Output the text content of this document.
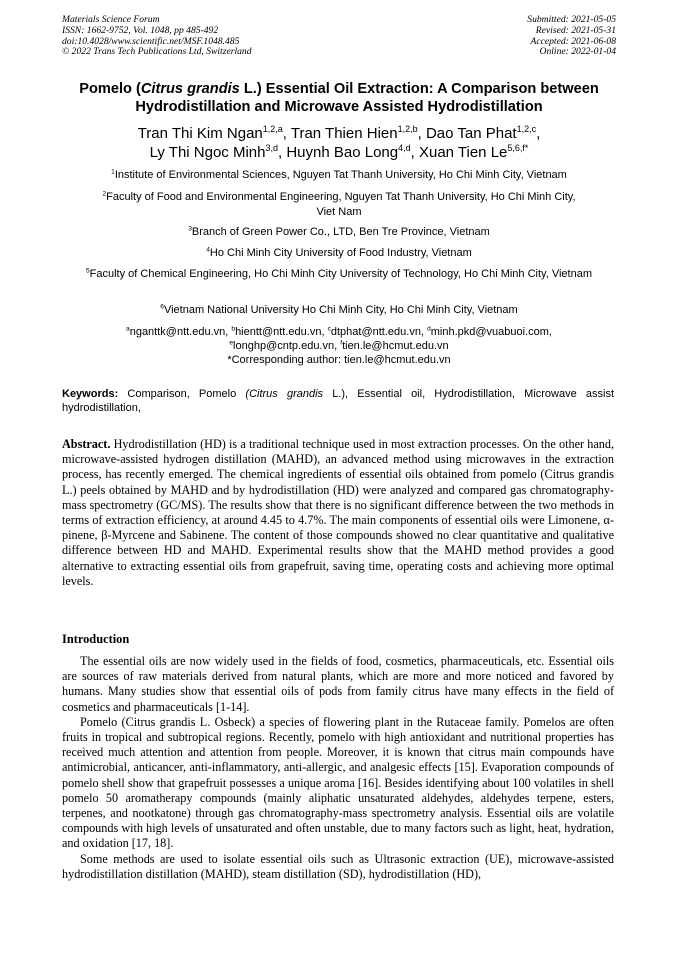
Materials Science Forum
ISSN: 1662-9752, Vol. 1048, pp 485-492
doi:10.4028/www.scientific.net/MSF.1048.485
© 2022 Trans Tech Publications Ltd, Switzerland
Submitted: 2021-05-05
Revised: 2021-05-31
Accepted: 2021-06-08
Online: 2022-01-04
Pomelo (Citrus grandis L.) Essential Oil Extraction: A Comparison between Hydrodistillation and Microwave Assisted Hydrodistillation
Tran Thi Kim Ngan$^{1,2,a}$, Tran Thien Hien$^{1,2,b}$, Dao Tan Phat$^{1,2,c}$,
Ly Thi Ngoc Minh$^{3,d}$, Huynh Bao Long$^{4,d}$, Xuan Tien $Le^{5,6,f*}$
$^1$Institute of Environmental Sciences, Nguyen Tat Thanh University, Ho Chi Minh City, Vietnam
$^2$Faculty of Food and Environmental Engineering, Nguyen Tat Thanh University, Ho Chi Minh City, Viet Nam
$^3$Branch of Green Power Co., LTD, Ben Tre Province, Vietnam
$^4$Ho Chi Minh City University of Food Industry, Vietnam
$^5$Faculty of Chemical Engineering, Ho Chi Minh City University of Technology, Ho Chi Minh City, Vietnam
$^6$Vietnam National University Ho Chi Minh City, Ho Chi Minh City, Vietnam
$^a$nganttk@ntt.edu.vn, $^b$hientt@ntt.edu.vn, $^c$dtphat@ntt.edu.vn, $^d$minh.pkd@vuabuoi.com,
$^e$longhp@cntp.edu.vn, $^f$tien.le@hcmut.edu.vn
*Corresponding author: tien.le@hcmut.edu.vn
Keywords: Comparison, Pomelo (Citrus grandis L.), Essential oil, Hydrodistillation, Microwave assist hydrodistillation,
Abstract. Hydrodistillation (HD) is a traditional technique used in most extraction processes. On the other hand, microwave-assisted hydrogen distillation (MAHD), an advanced method using microwaves in the extraction process, has recently emerged. The chemical ingredients of essential oils obtained from pomelo (Citrus grandis L.) peels obtained by MAHD and by hydrodistillation (HD) were analyzed and compared gas chromatography-mass spectrometry (GC/MS). The results show that there is no significant difference between the two methods in terms of extraction efficiency, at around 4.45 to 4.7%. The main components of essential oils were Limonene, α-pinene, β-Myrcene and Sabinene. The content of those compounds showed no clear quantitative and qualitative difference between HD and MAHD. Experimental results show that the MAHD method provides a good alternative to extracting essential oils from grapefruit, saving time, operating costs and achieving more optimal levels.
Introduction

The essential oils are now widely used in the fields of food, cosmetics, pharmaceuticals, etc. Essential oils are sources of raw materials derived from natural plants, which are more and more noticed and favored by humans. Many studies show that essential oils of pods from family citrus have many effects in the field of cosmetics and pharmaceuticals [1-14].

Pomelo (Citrus grandis L. Osbeck) a species of flowering plant in the Rutaceae family. Pomelos are often fruits in tropical and subtropical regions. Recently, pomelo with high antioxidant and nutritional properties has received much attention and attention from people. Moreover, it is known that citrus main compounds have antimicrobial, anticancer, anti-inflammatory, anti-allergic, and analgesic effects [15]. Evaporation compounds of pomelo shell show that grapefruit possesses a unique aroma [16]. Besides identifying about 100 volatiles in shell pomelo 50 aromatherapy compounds (mainly aliphatic unsaturated aldehydes, aldehydes terpene, esters, terpenes, and nootkatone) through gas chromatography-mass spectrometry analysis. Essential oils are volatile compounds with high levels of unsaturated and often unstable, due to many factors such as light, heat, hydration, and oxidation [17, 18].

Some methods are used to isolate essential oils such as Ultrasonic extraction (UE), microwave-assisted hydrodistillation distillation (MAHD), steam distillation (SD), hydrodistillation (HD),
